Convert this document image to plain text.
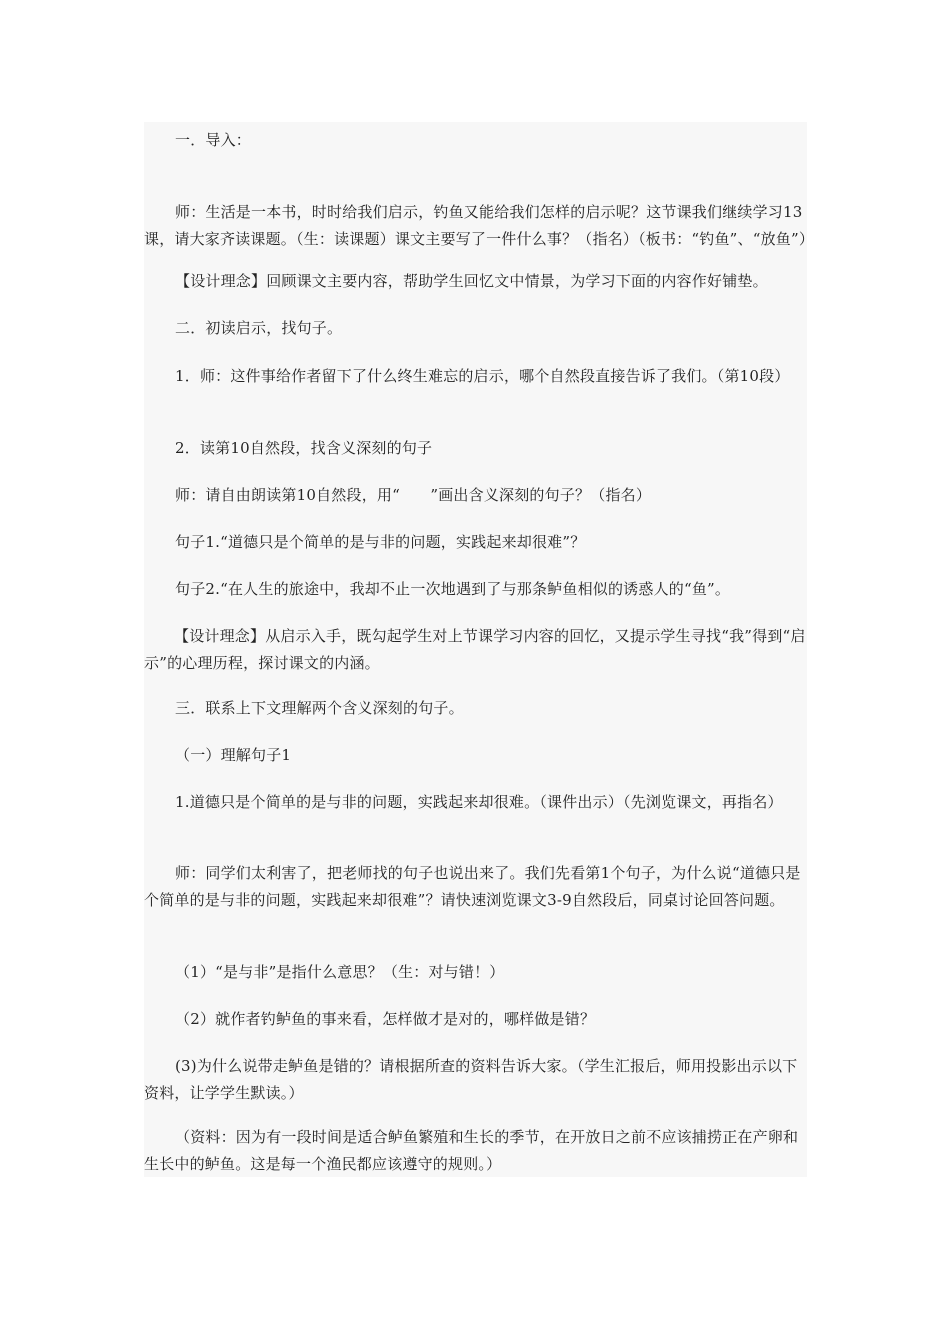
一．导入：

师：生活是一本书，时时给我们启示，钓鱼又能给我们怎样的启示呢？这节课我们继续学习13课，请大家齐读课题。（生：读课题）课文主要写了一件什么事？（指名）（板书：“钓鱼”、“放鱼”）

【设计理念】回顾课文主要内容，帮助学生回忆文中情景，为学习下面的内容作好铺垫。

二．初读启示，找句子。

1．师：这件事给作者留下了什么终生难忘的启示，哪个自然段直接告诉了我们。（第10段）

2．读第10自然段，找含义深刻的句子

师：请自由朗读第10自然段，用“　　”画出含义深刻的句子？（指名）

句子1.“道德只是个简单的是与非的问题，实践起来却很难”？

句子2.“在人生的旅途中，我却不止一次地遇到了与那条鲈鱼相似的诱惑人的“鱼”。

【设计理念】从启示入手，既勾起学生对上节课学习内容的回忆，又提示学生寻找“我”得到“启示”的心理历程，探讨课文的内涵。

三．联系上下文理解两个含义深刻的句子。

（一）理解句子1

1.道德只是个简单的是与非的问题，实践起来却很难。（课件出示）（先浏览课文，再指名）

师：同学们太利害了，把老师找的句子也说出来了。我们先看第1个句子，为什么说“道德只是个简单的是与非的问题，实践起来却很难”？请快速浏览课文3-9自然段后，同桌讨论回答问题。

（1）“是与非”是指什么意思？（生：对与错！）

（2）就作者钓鲈鱼的事来看，怎样做才是对的，哪样做是错？

(3)为什么说带走鲈鱼是错的？请根据所查的资料告诉大家。（学生汇报后，师用投影出示以下资料，让学学生默读。）

（资料：因为有一段时间是适合鲈鱼繁殖和生长的季节，在开放日之前不应该捕捞正在产卵和生长中的鲈鱼。这是每一个渔民都应该遵守的规则。）
